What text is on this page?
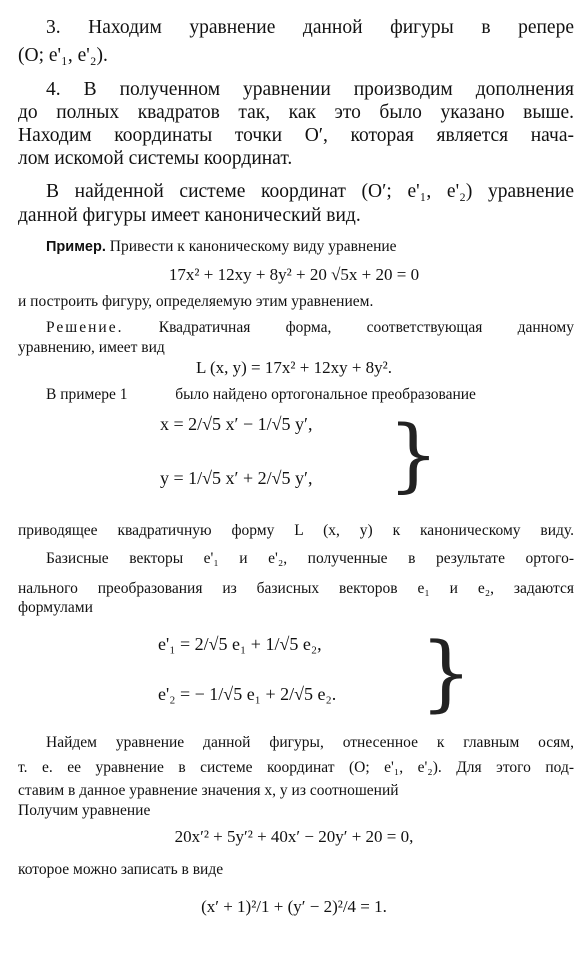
3. Находим уравнение данной фигуры в репере
(O; e'₁, e'₂).
4. В полученном уравнении производим дополнения
до полных квадратов так, как это было указано выше.
Находим координаты точки O′, которая является нача-
лом искомой системы координат.
В найденной системе координат (O′; e'₁, e'₂) уравнение
данной фигуры имеет канонический вид.
Пример. Привести к каноническому виду уравнение
17x² + 12xy + 8y² + 20 √5x + 20 = 0
и построить фигуру, определяемую этим уравнением.
Решение. Квадратичная форма, соответствующая данному
уравнению, имеет вид
L (x, y) = 17x² + 12xy + 8y².
В примере 1	было найдено ортогональное преобразование
x = 2/√5 x′ − 1/√5 y′,
y = 1/√5 x′ + 2/√5 y′, }
приводящее квадратичную форму L (x, y) к каноническому виду.
Базисные векторы e'₁ и e'₂, полученные в результате ортого-
нального преобразования из базисных векторов e₁ и e₂, задаются
формулами
e'₁ = 2/√5 e₁ + 1/√5 e₂,
e'₂ = − 1/√5 e₁ + 2/√5 e₂. }
Найдем уравнение данной фигуры, отнесенное к главным осям,
т. е. ее уравнение в системе координат (O; e'₁, e'₂). Для этого под-
ставим в данное уравнение значения x, y из соотношений
Получим уравнение
20x′² + 5y′² + 40x′ − 20y′ + 20 = 0,
которое можно записать в виде
(x′ + 1)²/1 + (y′ − 2)²/4 = 1.
